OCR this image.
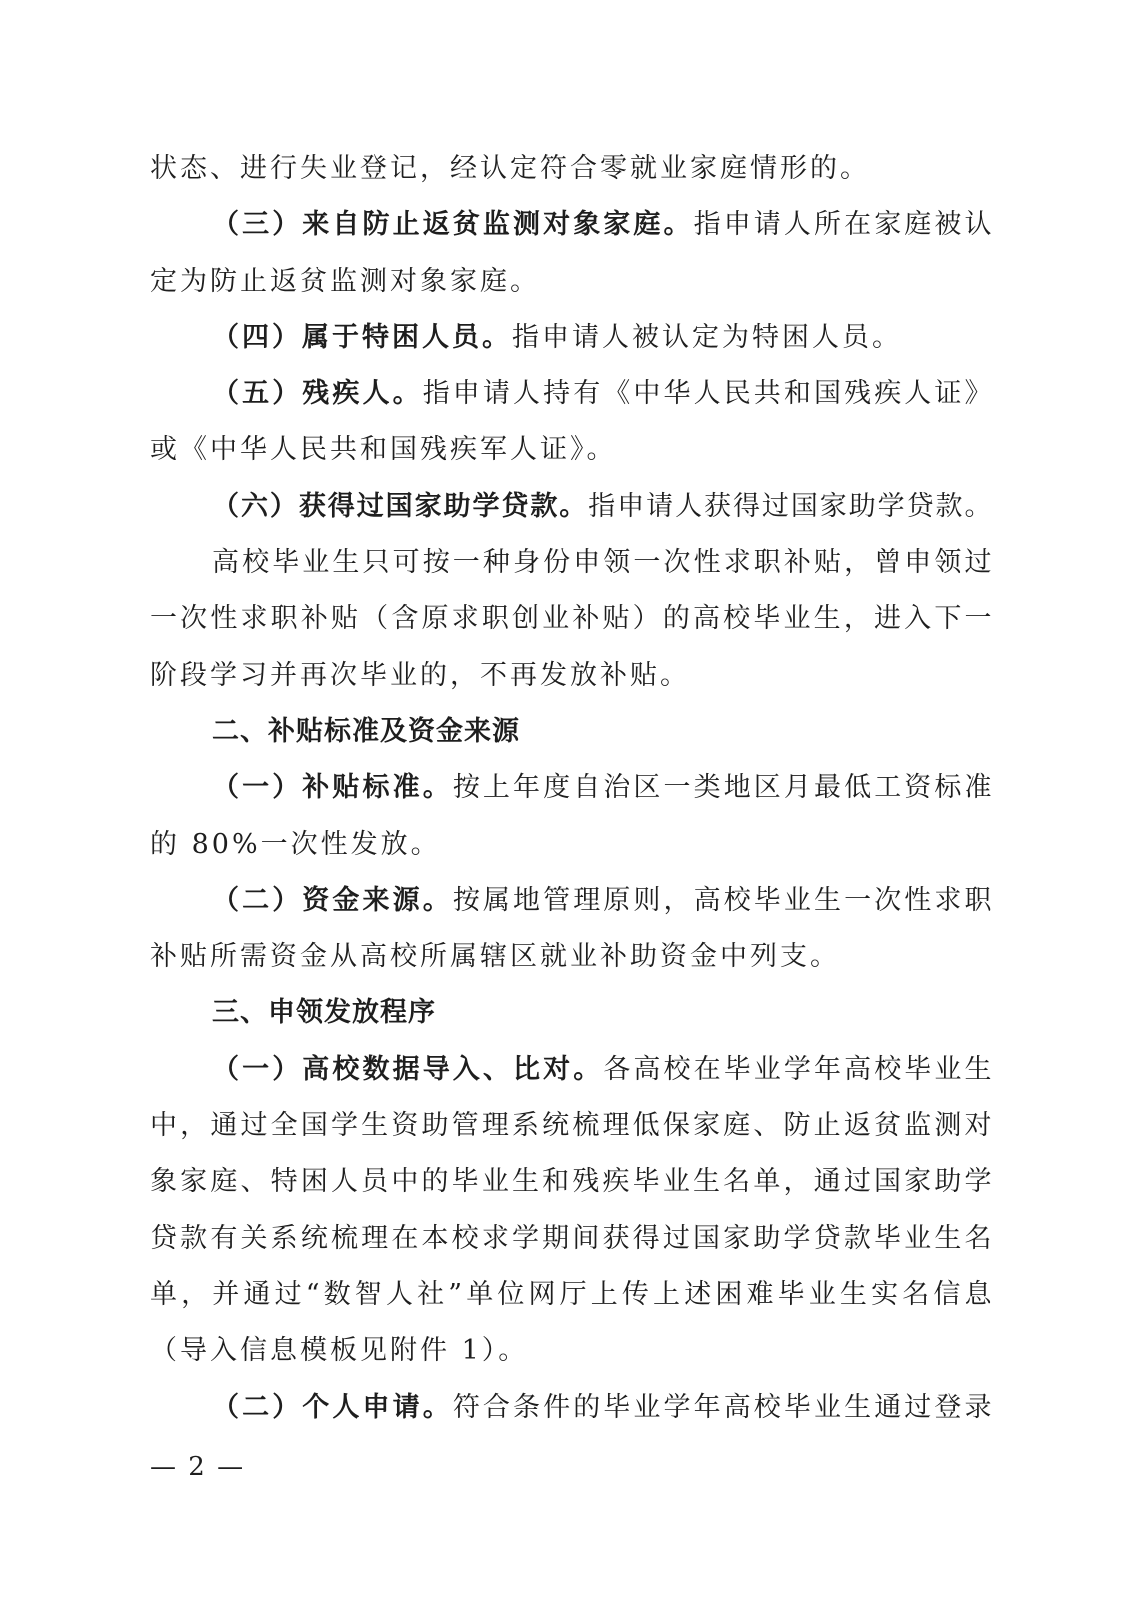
状态、进行失业登记，经认定符合零就业家庭情形的。
（三）来自防止返贫监测对象家庭。指申请人所在家庭被认
定为防止返贫监测对象家庭。
（四）属于特困人员。指申请人被认定为特困人员。
（五）残疾人。指申请人持有《中华人民共和国残疾人证》
或《中华人民共和国残疾军人证》。
（六）获得过国家助学贷款。指申请人获得过国家助学贷款。
高校毕业生只可按一种身份申领一次性求职补贴，曾申领过
一次性求职补贴（含原求职创业补贴）的高校毕业生，进入下一
阶段学习并再次毕业的，不再发放补贴。
二、补贴标准及资金来源
（一）补贴标准。按上年度自治区一类地区月最低工资标准
的 80%一次性发放。
（二）资金来源。按属地管理原则，高校毕业生一次性求职
补贴所需资金从高校所属辖区就业补助资金中列支。
三、申领发放程序
（一）高校数据导入、比对。各高校在毕业学年高校毕业生
中，通过全国学生资助管理系统梳理低保家庭、防止返贫监测对
象家庭、特困人员中的毕业生和残疾毕业生名单，通过国家助学
贷款有关系统梳理在本校求学期间获得过国家助学贷款毕业生名
单，并通过“数智人社”单位网厅上传上述困难毕业生实名信息
（导入信息模板见附件 1）。
（二）个人申请。符合条件的毕业学年高校毕业生通过登录
— 2 —
